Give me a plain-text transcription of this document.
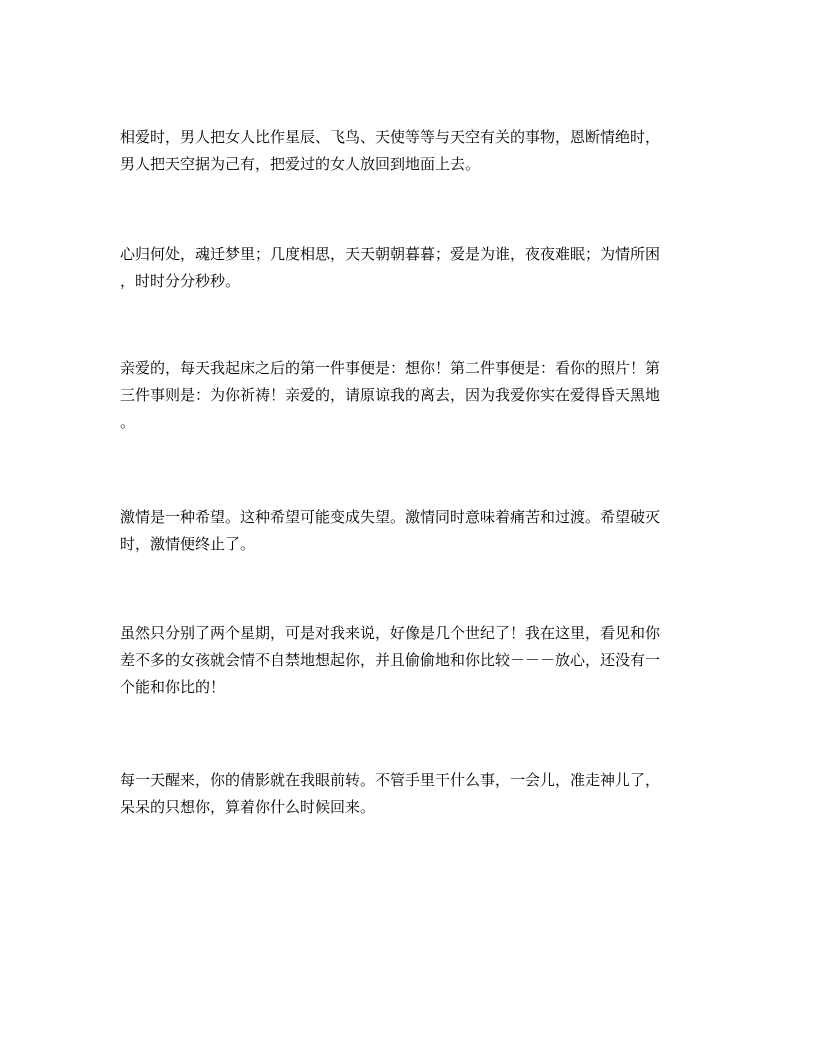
相爱时，男人把女人比作星辰、飞鸟、天使等等与天空有关的事物，恩断情绝时，
男人把天空据为己有，把爱过的女人放回到地面上去。
心归何处，魂迁梦里；几度相思，天天朝朝暮暮；爱是为谁，夜夜难眠；为情所困
，时时分分秒秒。
亲爱的，每天我起床之后的第一件事便是：想你！第二件事便是：看你的照片！第
三件事则是：为你祈祷！亲爱的，请原谅我的离去，因为我爱你实在爱得昏天黑地
。
激情是一种希望。这种希望可能变成失望。激情同时意味着痛苦和过渡。希望破灭
时，激情便终止了。
虽然只分别了两个星期，可是对我来说，好像是几个世纪了！我在这里，看见和你
差不多的女孩就会情不自禁地想起你，并且偷偷地和你比较－－－放心，还没有一
个能和你比的！
每一天醒来，你的倩影就在我眼前转。不管手里干什么事，一会儿，准走神儿了，
呆呆的只想你，算着你什么时候回来。
